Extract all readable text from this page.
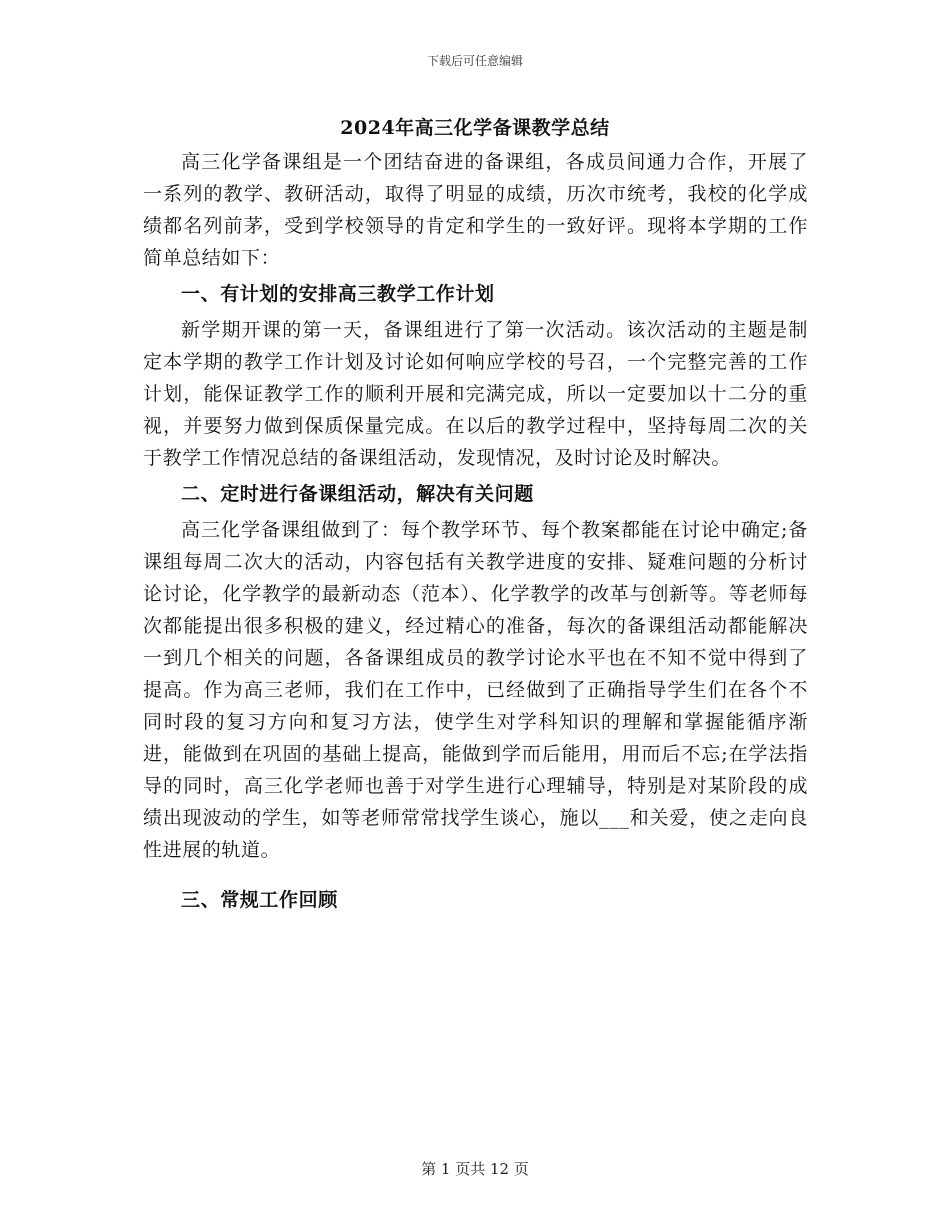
下载后可任意编辑
2024年高三化学备课教学总结

高三化学备课组是一个团结奋进的备课组，各成员间通力合作，开展了一系列的教学、教研活动，取得了明显的成绩，历次市统考，我校的化学成绩都名列前茅，受到学校领导的肯定和学生的一致好评。现将本学期的工作简单总结如下：

一、有计划的安排高三教学工作计划

新学期开课的第一天，备课组进行了第一次活动。该次活动的主题是制定本学期的教学工作计划及讨论如何响应学校的号召，一个完整完善的工作计划，能保证教学工作的顺利开展和完满完成，所以一定要加以十二分的重视，并要努力做到保质保量完成。在以后的教学过程中，坚持每周二次的关于教学工作情况总结的备课组活动，发现情况，及时讨论及时解决。

二、定时进行备课组活动，解决有关问题

高三化学备课组做到了：每个教学环节、每个教案都能在讨论中确定;备课组每周二次大的活动，内容包括有关教学进度的安排、疑难问题的分析讨论讨论，化学教学的最新动态（范本）、化学教学的改革与创新等。等老师每次都能提出很多积极的建义，经过精心的准备，每次的备课组活动都能解决一到几个相关的问题，各备课组成员的教学讨论水平也在不知不觉中得到了提高。作为高三老师，我们在工作中，已经做到了正确指导学生们在各个不同时段的复习方向和复习方法，使学生对学科知识的理解和掌握能循序渐进，能做到在巩固的基础上提高，能做到学而后能用，用而后不忘;在学法指导的同时，高三化学老师也善于对学生进行心理辅导，特别是对某阶段的成绩出现波动的学生，如等老师常常找学生谈心，施以___和关爱，使之走向良性进展的轨道。

三、常规工作回顾

第 1 页共 12 页
